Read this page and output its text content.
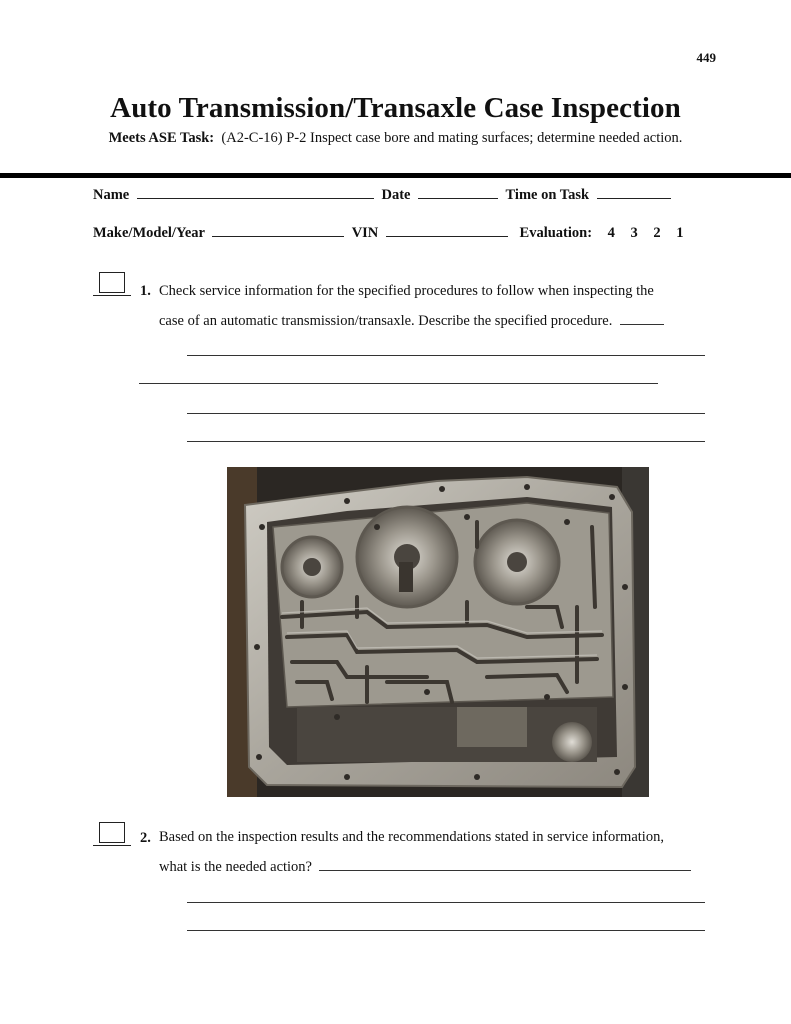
449
Auto Transmission/Transaxle Case Inspection
Meets ASE Task: (A2-C-16) P-2 Inspect case bore and mating surfaces; determine needed action.
Name	Date	Time on Task
Make/Model/Year	VIN	Evaluation: 4 3 2 1
1. Check service information for the specified procedures to follow when inspecting the
case of an automatic transmission/transaxle. Describe the specified procedure.
2. Based on the inspection results and the recommendations stated in service information,
what is the needed action?
